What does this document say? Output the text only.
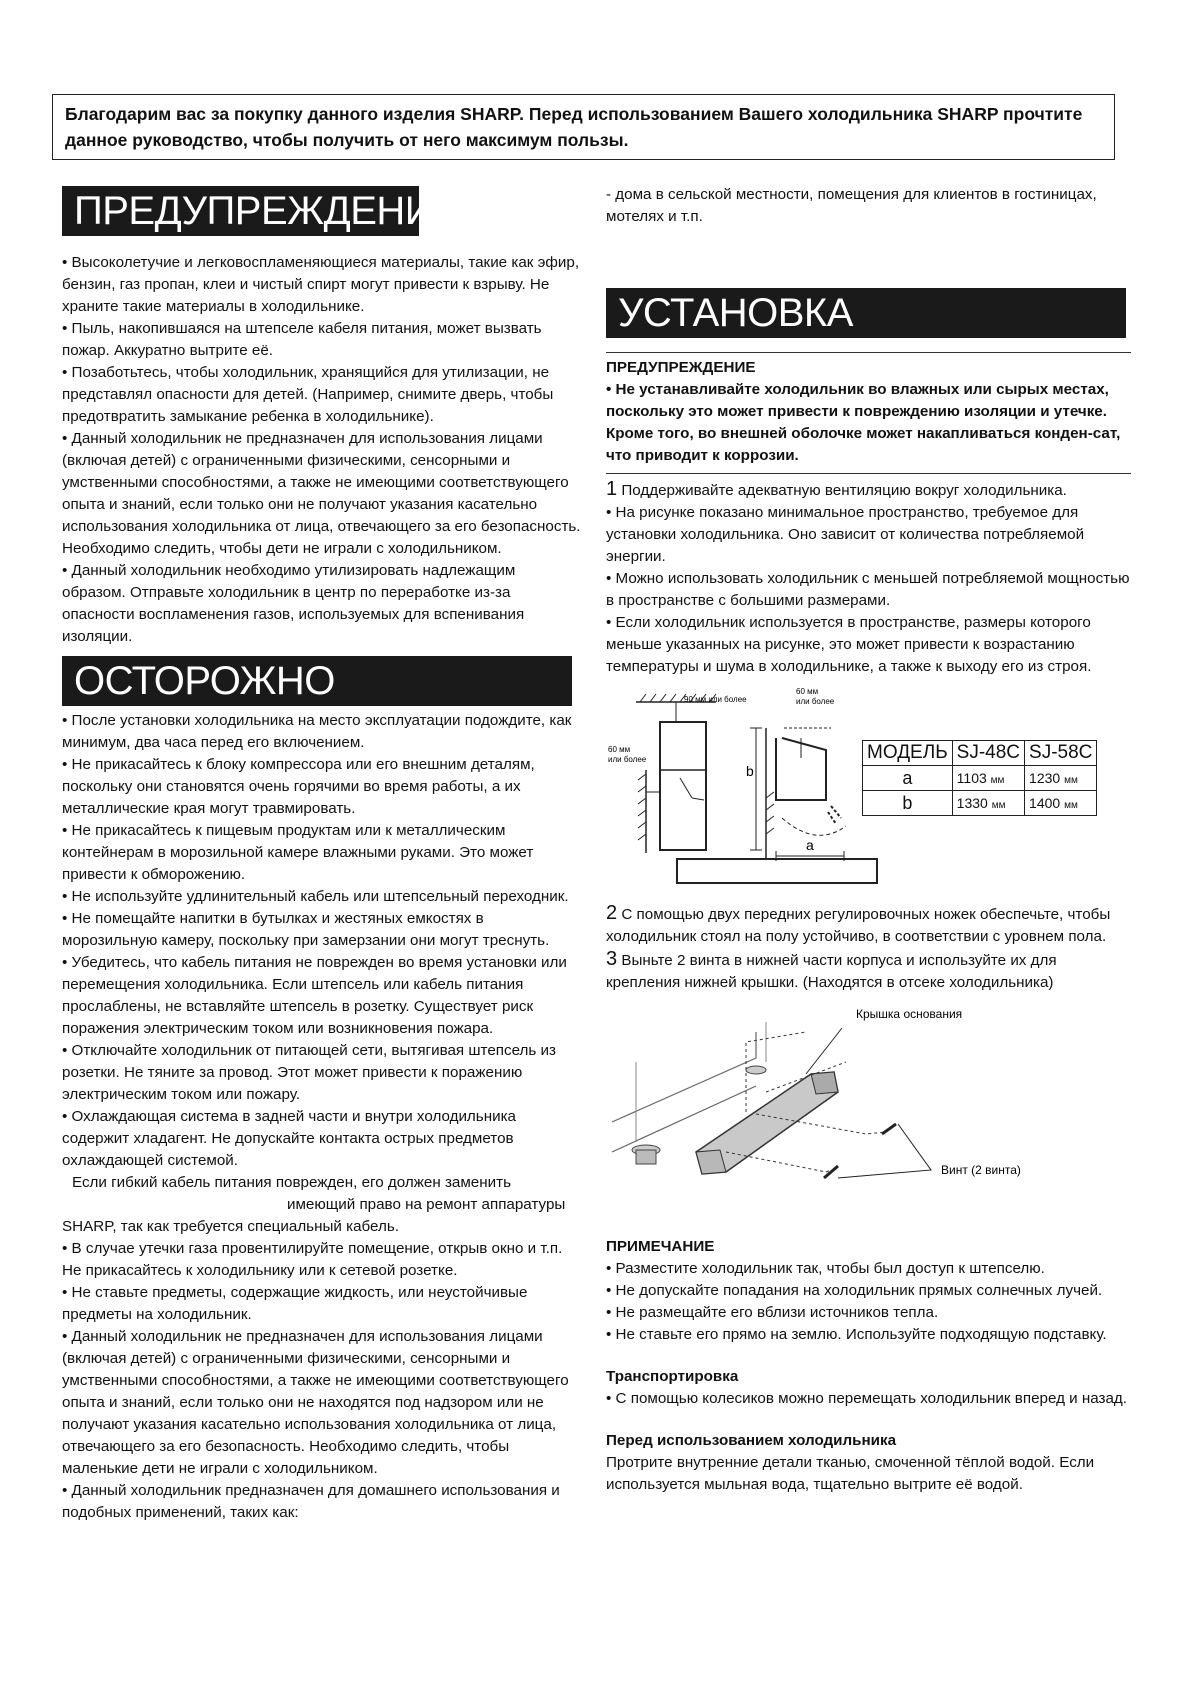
Благодарим вас за покупку данного изделия SHARP. Перед использованием Вашего холодильника SHARP прочтите данное руководство, чтобы получить от него максимум пользы.
ПРЕДУПРЕЖДЕНИЕ

• Высоколетучие и легковоспламеняющиеся материалы, такие как эфир, бензин, газ пропан, клеи и чистый спирт могут привести к взрыву. Не храните такие материалы в холодильнике.

• Пыль, накопившаяся на штепселе кабеля питания, может вызвать пожар. Аккуратно вытрите её.

• Позаботьтесь, чтобы холодильник, хранящийся для утилизации, не представлял опасности для детей. (Например, снимите дверь, чтобы предотвратить замыкание ребенка в холодильнике).

• Данный холодильник не предназначен для использования лицами (включая детей) с ограниченными физическими, сенсорными и умственными способностями, а также не имеющими соответствующего опыта и знаний, если только они не получают указания касательно использования холодильника от лица, отвечающего за его безопасность. Необходимо следить, чтобы дети не играли с холодильником.

• Данный холодильник необходимо утилизировать надлежащим образом. Отправьте холодильник в центр по переработке из-за опасности воспламенения газов, используемых для вспенивания изоляции.

ОСТОРОЖНО

• После установки холодильника на место эксплуатации подождите, как минимум, два часа перед его включением.

• Не прикасайтесь к блоку компрессора или его внешним деталям, поскольку они становятся очень горячими во время работы, а их металлические края могут травмировать.

• Не прикасайтесь к пищевым продуктам или к металлическим контейнерам в морозильной камере влажными руками. Это может привести к обморожению.

• Не используйте удлинительный кабель или штепсельный переходник.

• Не помещайте напитки в бутылках и жестяных емкостях в морозильную камеру, поскольку при замерзании они могут треснуть.

• Убедитесь, что кабель питания не поврежден во время установки или перемещения холодильника. Если штепсель или кабель питания прослаблены, не вставляйте штепсель в розетку. Существует риск поражения электрическим током или возникновения пожара.

• Отключайте холодильник от питающей сети, вытягивая штепсель из розетки. Не тяните за провод. Этот может привести к поражению электрическим током или пожару.

• Охлаждающая система в задней части и внутри холодильника содержит хладагент. Не допускайте контакта острых предметов охлаждающей системой.

Если гибкий кабель питания поврежден, его должен заменить

имеющий право на ремонт аппаратуры

SHARP, так как требуется специальный кабель.

• В случае утечки газа провентилируйте помещение, открыв окно и т.п. Не прикасайтесь к холодильнику или к сетевой розетке.

• Не ставьте предметы, содержащие жидкость, или неустойчивые предметы на холодильник.

• Данный холодильник не предназначен для использования лицами (включая детей) с ограниченными физическими, сенсорными и умственными способностями, а также не имеющими соответствующего опыта и знаний, если только они не находятся под надзором или не получают указания касательно использования холодильника от лица, отвечающего за его безопасность. Необходимо следить, чтобы маленькие дети не играли с холодильником.

• Данный холодильник предназначен для домашнего использования и подобных применений, таких как:

- дома в сельской местности, помещения для клиентов в гостиницах, мотелях и т.п.

УСТАНОВКА

ПРЕДУПРЕЖДЕНИЕ

• Не устанавливайте холодильник во влажных или сырых местах, поскольку это может привести к повреждению изоляции и утечке. Кроме того, во внешней оболочке может накапливаться конден-сат, что приводит к коррозии.

1 Поддерживайте адекватную вентиляцию вокруг холодильника.

• На рисунке показано минимальное пространство, требуемое для установки холодильника. Оно зависит от количества потребляемой энергии.

• Можно использовать холодильник с меньшей потребляемой мощностью в пространстве с большими размерами.

• Если холодильник используется в пространстве, размеры которого меньше указанных на рисунке, это может привести к возрастанию температуры и шума в холодильнике, а также к выходу его из строя.

90 мм или более
60 мм
или более
60 мм
или более
b
a
МОДЕЛЬ	SJ-48C	SJ-58C
a	1103 мм	1230 мм
b	1330 мм	1400 мм

2 С помощью двух передних регулировочных ножек обеспечьте, чтобы холодильник стоял на полу устойчиво, в соответствии с уровнем пола.

3 Выньте 2 винта в нижней части корпуса и используйте их для крепления нижней крышки. (Находятся в отсеке холодильника)

Крышка основания
Винт (2 винта)

ПРИМЕЧАНИЕ

• Разместите холодильник так, чтобы был доступ к штепселю.

• Не допускайте попадания на холодильник прямых солнечных лучей.

• Не размещайте его вблизи источников тепла.

• Не ставьте его прямо на землю. Используйте подходящую подставку.

Транспортировка

• С помощью колесиков можно перемещать холодильник вперед и назад.

Перед использованием холодильника

Протрите внутренние детали тканью, смоченной тёплой водой. Если используется мыльная вода, тщательно вытрите её водой.
